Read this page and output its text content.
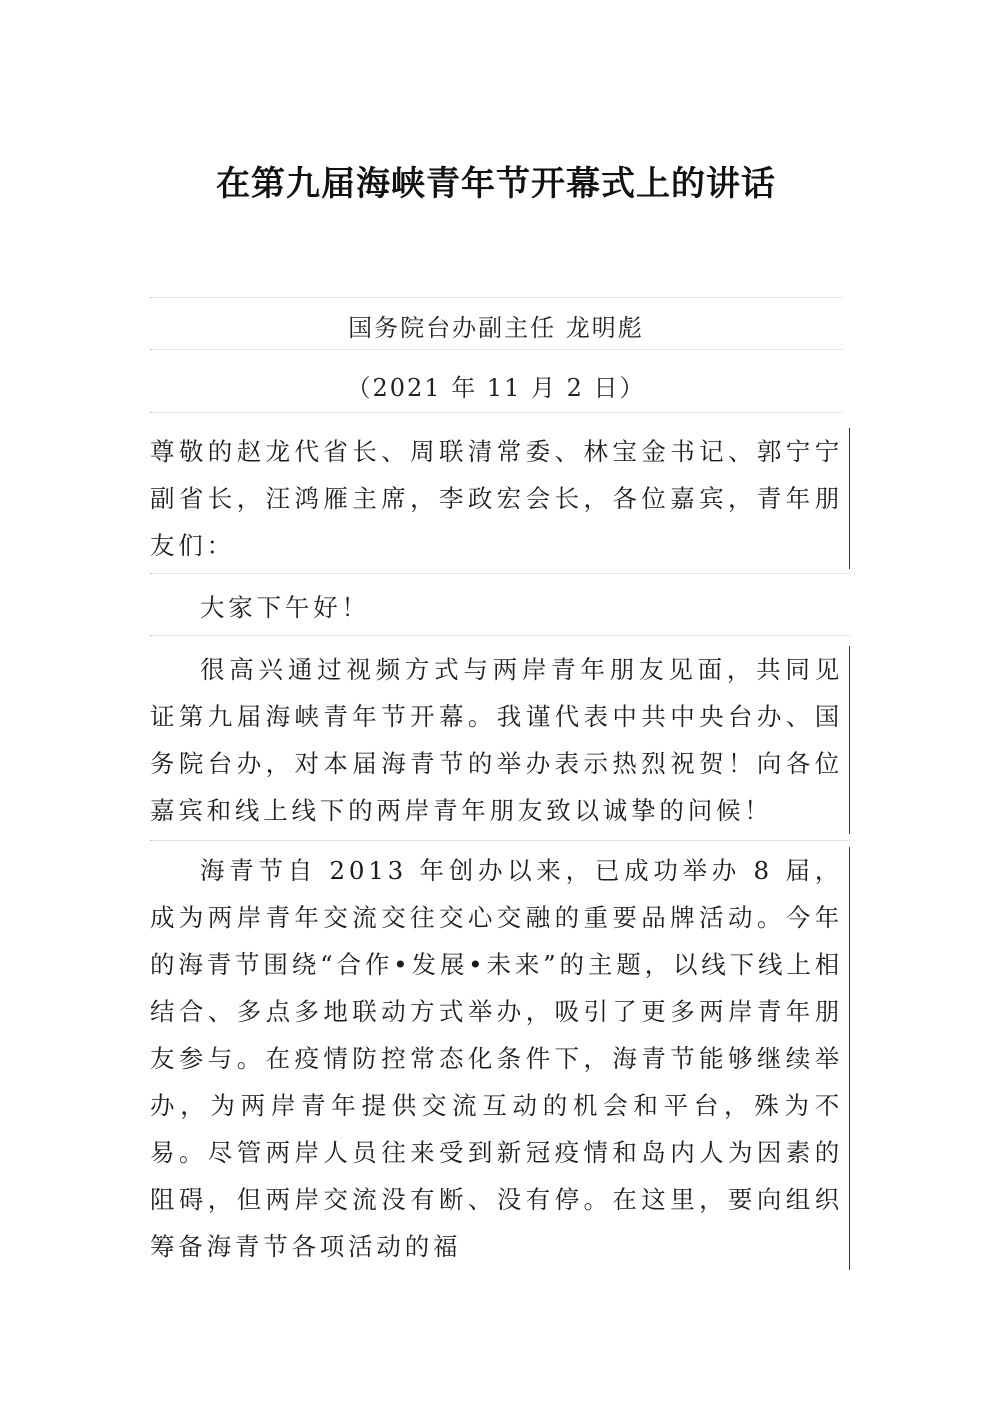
在第九届海峡青年节开幕式上的讲话
国务院台办副主任 龙明彪
（2021 年 11 月 2 日）

尊敬的赵龙代省长、周联清常委、林宝金书记、郭宁宁副省长，汪鸿雁主席，李政宏会长，各位嘉宾，青年朋友们：

大家下午好！

很高兴通过视频方式与两岸青年朋友见面，共同见证第九届海峡青年节开幕。我谨代表中共中央台办、国务院台办，对本届海青节的举办表示热烈祝贺！向各位嘉宾和线上线下的两岸青年朋友致以诚挚的问候！

海青节自 2013 年创办以来，已成功举办 8 届，成为两岸青年交流交往交心交融的重要品牌活动。今年的海青节围绕“合作•发展•未来”的主题，以线下线上相结合、多点多地联动方式举办，吸引了更多两岸青年朋友参与。在疫情防控常态化条件下，海青节能够继续举办，为两岸青年提供交流互动的机会和平台，殊为不易。尽管两岸人员往来受到新冠疫情和岛内人为因素的阻碍，但两岸交流没有断、没有停。在这里，要向组织筹备海青节各项活动的福
